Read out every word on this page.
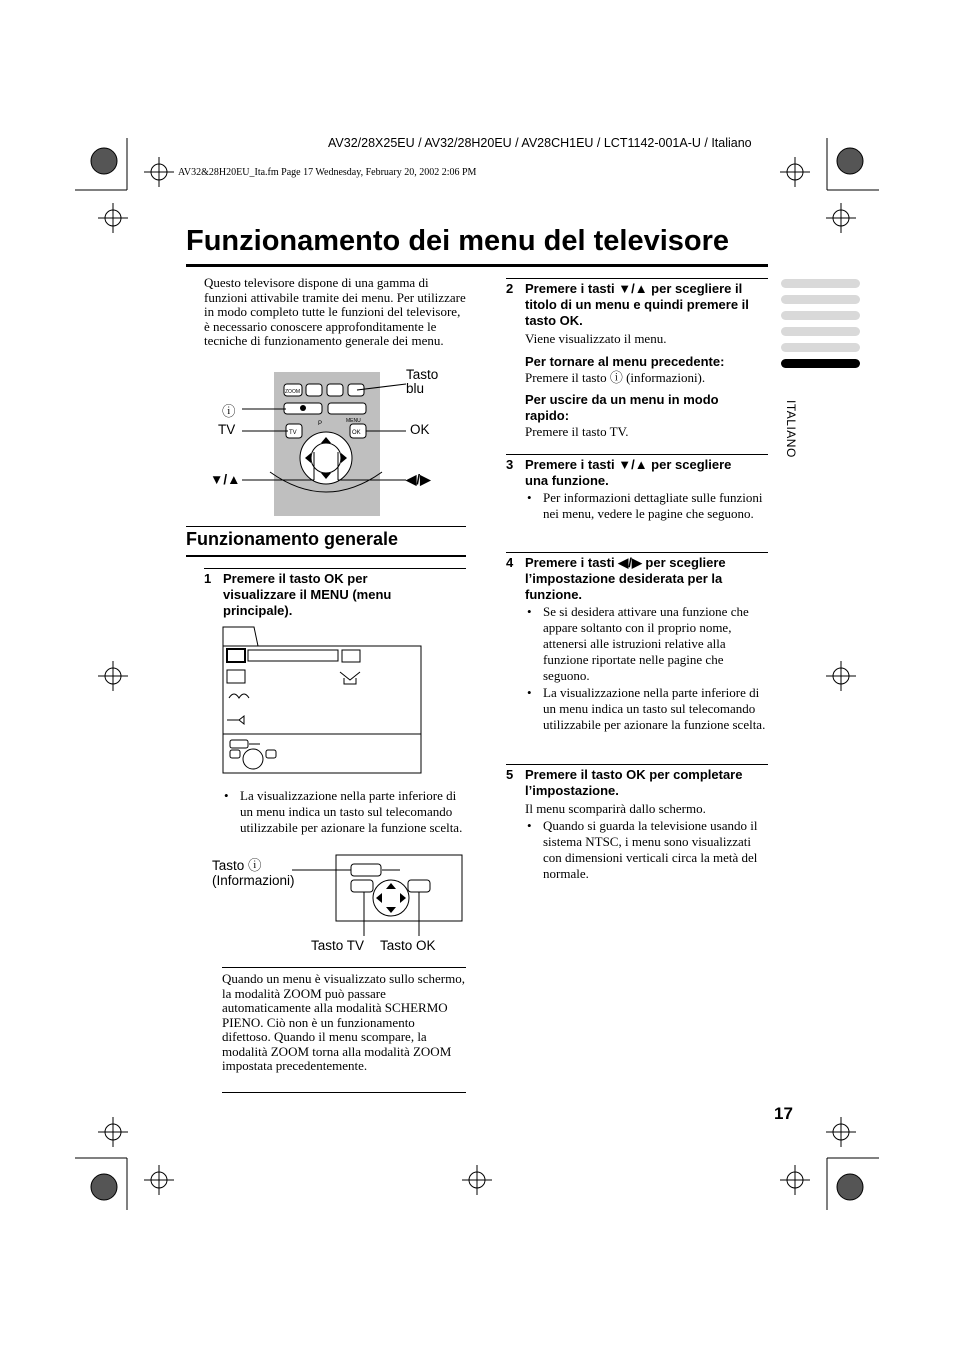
AV32/28X25EU / AV32/28H20EU / AV28CH1EU / LCT1142-001A-U / Italiano
AV32&28H20EU_Ita.fm Page 17 Wednesday, February 20, 2002 2:06 PM
Funzionamento dei menu del televisore
Questo televisore dispone di una gamma di funzioni attivabile tramite dei menu. Per utilizzare in modo completo tutte le funzioni del televisore, è necessario conoscere approfonditamente le tecniche di funzionamento generale dei menu.
ZOOM
TV	OK
MENU
P
ⓘ
TV
▼/▲
Tasto
blu
OK
◀/▶
Funzionamento generale
1 Premere il tasto OK per visualizzare il MENU (menu principale).
• La visualizzazione nella parte inferiore di un menu indica un tasto sul telecomando utilizzabile per azionare la funzione scelta.
Tasto ⓘ
(Informazioni)
Tasto TV Tasto OK
Quando un menu è visualizzato sullo schermo, la modalità ZOOM può passare automaticamente alla modalità SCHERMO PIENO. Ciò non è un funzionamento difettoso. Quando il menu scompare, la modalità ZOOM torna alla modalità ZOOM impostata precedentemente.
2 Premere i tasti ▼/▲ per scegliere il titolo di un menu e quindi premere il tasto OK.
Viene visualizzato il menu.
Per tornare al menu precedente:
Premere il tasto ⓘ (informazioni).
Per uscire da un menu in modo rapido:
Premere il tasto TV.
3 Premere i tasti ▼/▲ per scegliere una funzione.
• Per informazioni dettagliate sulle funzioni nei menu, vedere le pagine che seguono.
4 Premere i tasti ◀/▶ per scegliere l’impostazione desiderata per la funzione.
• Se si desidera attivare una funzione che appare soltanto con il proprio nome, attenersi alle istruzioni relative alla funzione riportate nelle pagine che seguono.
• La visualizzazione nella parte inferiore di un menu indica un tasto sul telecomando utilizzabile per azionare la funzione scelta.
5 Premere il tasto OK per completare l’impostazione.
Il menu scomparirà dallo schermo.
• Quando si guarda la televisione usando il sistema NTSC, i menu sono visualizzati con dimensioni verticali circa la metà del normale.
ITALIANO
17
